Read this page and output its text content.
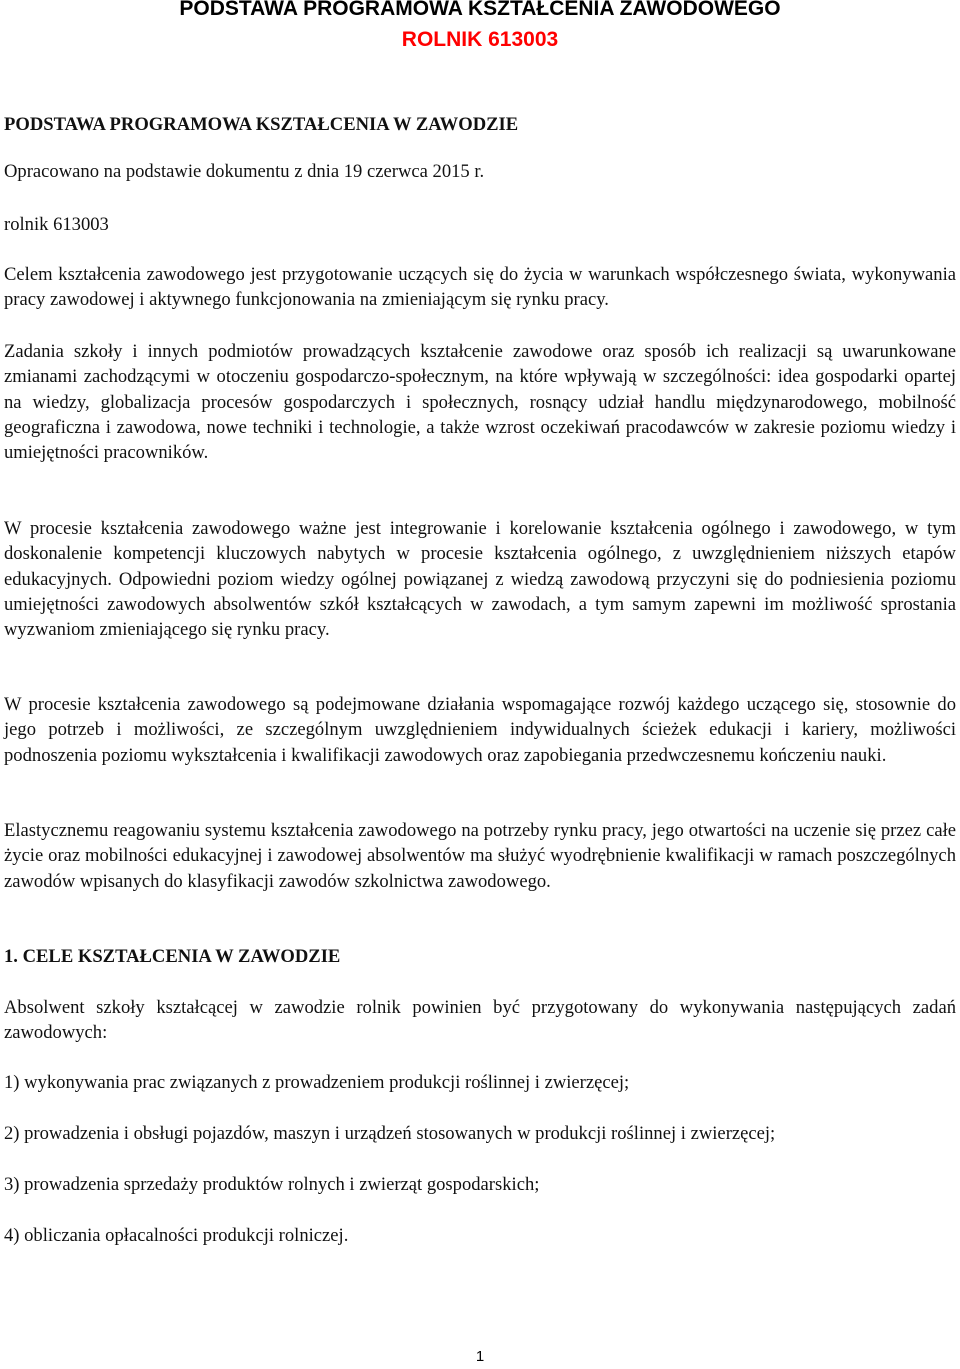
PODSTAWA PROGRAMOWA KSZTAŁCENIA ZAWODOWEGO
ROLNIK 613003

PODSTAWA PROGRAMOWA KSZTAŁCENIA W ZAWODZIE

Opracowano na podstawie dokumentu z dnia 19 czerwca 2015 r.

rolnik 613003

Celem kształcenia zawodowego jest przygotowanie uczących się do życia w warunkach współczesnego świata, wykonywania pracy zawodowej i aktywnego funkcjonowania na zmieniającym się rynku pracy.

Zadania szkoły i innych podmiotów prowadzących kształcenie zawodowe oraz sposób ich realizacji są uwarunkowane zmianami zachodzącymi w otoczeniu gospodarczo-społecznym, na które wpływają w szczególności: idea gospodarki opartej na wiedzy, globalizacja procesów gospodarczych i społecznych, rosnący udział handlu międzynarodowego, mobilność geograficzna i zawodowa, nowe techniki i technologie, a także wzrost oczekiwań pracodawców w zakresie poziomu wiedzy i umiejętności pracowników.

W procesie kształcenia zawodowego ważne jest integrowanie i korelowanie kształcenia ogólnego i zawodowego, w tym doskonalenie kompetencji kluczowych nabytych w procesie kształcenia ogólnego, z uwzględnieniem niższych etapów edukacyjnych. Odpowiedni poziom wiedzy ogólnej powiązanej z wiedzą zawodową przyczyni się do podniesienia poziomu umiejętności zawodowych absolwentów szkół kształcących w zawodach, a tym samym zapewni im możliwość sprostania wyzwaniom zmieniającego się rynku pracy.

W procesie kształcenia zawodowego są podejmowane działania wspomagające rozwój każdego uczącego się, stosownie do jego potrzeb i możliwości, ze szczególnym uwzględnieniem indywidualnych ścieżek edukacji i kariery, możliwości podnoszenia poziomu wykształcenia i kwalifikacji zawodowych oraz zapobiegania przedwczesnemu kończeniu nauki.

Elastycznemu reagowaniu systemu kształcenia zawodowego na potrzeby rynku pracy, jego otwartości na uczenie się przez całe życie oraz mobilności edukacyjnej i zawodowej absolwentów ma służyć wyodrębnienie kwalifikacji w ramach poszczególnych zawodów wpisanych do klasyfikacji zawodów szkolnictwa zawodowego.

1. CELE KSZTAŁCENIA W ZAWODZIE

Absolwent szkoły kształcącej w zawodzie rolnik powinien być przygotowany do wykonywania następujących zadań zawodowych:

1) wykonywania prac związanych z prowadzeniem produkcji roślinnej i zwierzęcej;

2) prowadzenia i obsługi pojazdów, maszyn i urządzeń stosowanych w produkcji roślinnej i zwierzęcej;

3) prowadzenia sprzedaży produktów rolnych i zwierząt gospodarskich;

4) obliczania opłacalności produkcji rolniczej.

1
